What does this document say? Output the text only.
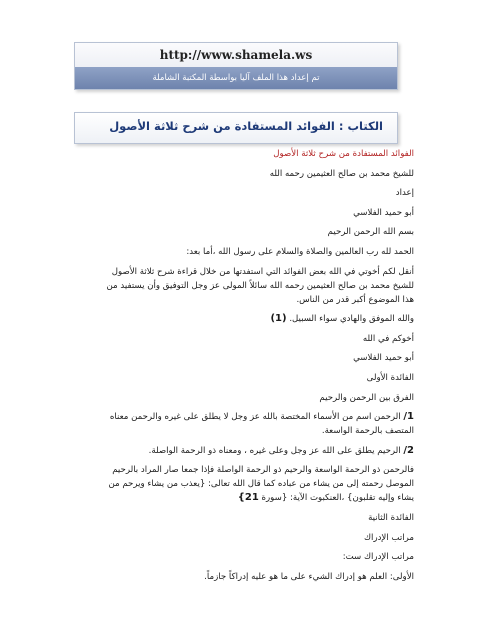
http://www.shamela.ws
تم إعداد هذا الملف آليا بواسطة المكتبة الشاملة
الكتاب : الفوائد المستفادة من شرح ثلاثة الأصول
الفوائد المستفادة من شرح ثلاثة الأصول
للشيخ محمد بن صالح العثيمين رحمه الله
إعداد
أبو حميد الفلاسي
بسم الله الرحمن الرحيم
الحمد لله رب العالمين والصلاة والسلام على رسول الله ،أما بعد:
أنقل لكم أخوتي في الله بعض الفوائد التي استفدتها من خلال قراءة شرح ثلاثة الأصول
للشيخ محمد بن صالح العثيمين رحمه الله سائلاً المولى عز وجل التوفيق وأن يستفيد من
هذا الموضوع أكبر قدر من الناس.
والله الموفق والهادي سواء السبيل. (1)
أخوكم في الله
أبو حميد الفلاسي
الفائدة الأولى
الفرق بين الرحمن والرحيم
1/ الرحمن اسم من الأسماء المختصة بالله عز وجل لا يطلق على غيره والرحمن معناه
المتصف بالرحمة الواسعة.
2/ الرحيم يطلق على الله عز وجل وعلى غيره ، ومعناه ذو الرحمة الواصلة.
فالرحمن ذو الرحمة الواسعة والرحيم ذو الرحمة الواصلة فإذا جمعا صار المراد بالرحيم
الموصل رحمته إلى من يشاء من عباده كما قال الله تعالى: {يعذب من يشاء ويرحم من
يشاء وإليه تقلبون} ،العنكبوت الآية: {سورة 21}
الفائدة الثانية
مراتب الإدراك
مراتب الإدراك ست:
الأولى: العلم هو إدراك الشيء على ما هو عليه إدراكاً جازماً.
